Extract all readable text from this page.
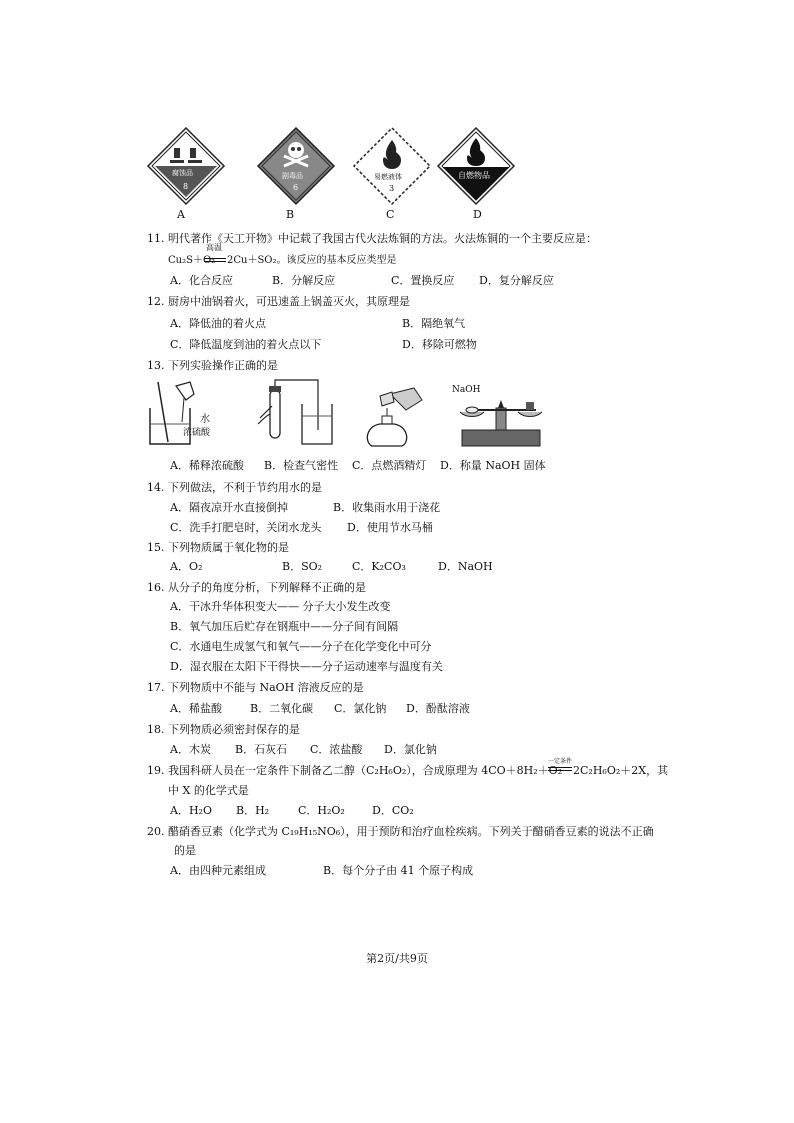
腐蚀品
8
剧毒品
6
易燃液体
3
自燃物品
A	B	C	D
11. 明代著作《天工开物》中记载了我国古代火法炼铜的方法。火法炼铜的一个主要反应是：
高温
Cu₂S＋O₂ 2Cu＋SO₂。该反应的基本反应类型是
A．化合反应	B．分解反应	C．置换反应 D．复分解反应
12. 厨房中油锅着火，可迅速盖上锅盖灭火，其原理是
A．降低油的着火点	B．隔绝氧气
C．降低温度到油的着火点以下	D．移除可燃物
13. 下列实验操作正确的是
水
浓硫酸
NaOH
A．稀释浓硫酸 B．检查气密性 C．点燃酒精灯 D．称量 NaOH 固体
14. 下列做法，不利于节约用水的是
A．隔夜凉开水直接倒掉	B．收集雨水用于浇花
C．洗手打肥皂时，关闭水龙头 D．使用节水马桶
15. 下列物质属于氧化物的是
A．O₂	B．SO₂	C．K₂CO₃	D．NaOH
16. 从分子的角度分析，下列解释不正确的是
A．干冰升华体积变大—— 分子大小发生改变
B．氧气加压后贮存在钢瓶中——分子间有间隔
C．水通电生成氢气和氧气——分子在化学变化中可分
D．湿衣服在太阳下干得快——分子运动速率与温度有关
17. 下列物质中不能与 NaOH 溶液反应的是
A．稀盐酸	B．二氧化碳 C．氯化钠 D．酚酞溶液
18. 下列物质必须密封保存的是
A．木炭 B．石灰石 C．浓盐酸 D．氯化钠
19. 我国科研人员在一定条件下制备乙二醇（C₂H₆O₂），合成原理为 4CO＋8H₂＋O₂
一定条件
2C₂H₆O₂＋2X，其
中 X 的化学式是
A．H₂O B．H₂	C．H₂O₂ D．CO₂
20. 醋硝香豆素（化学式为 C₁₉H₁₅NO₆），用于预防和治疗血栓疾病。下列关于醋硝香豆素的说法不正确
的是
A．由四种元素组成	B．每个分子由 41 个原子构成
第2页/共9页
